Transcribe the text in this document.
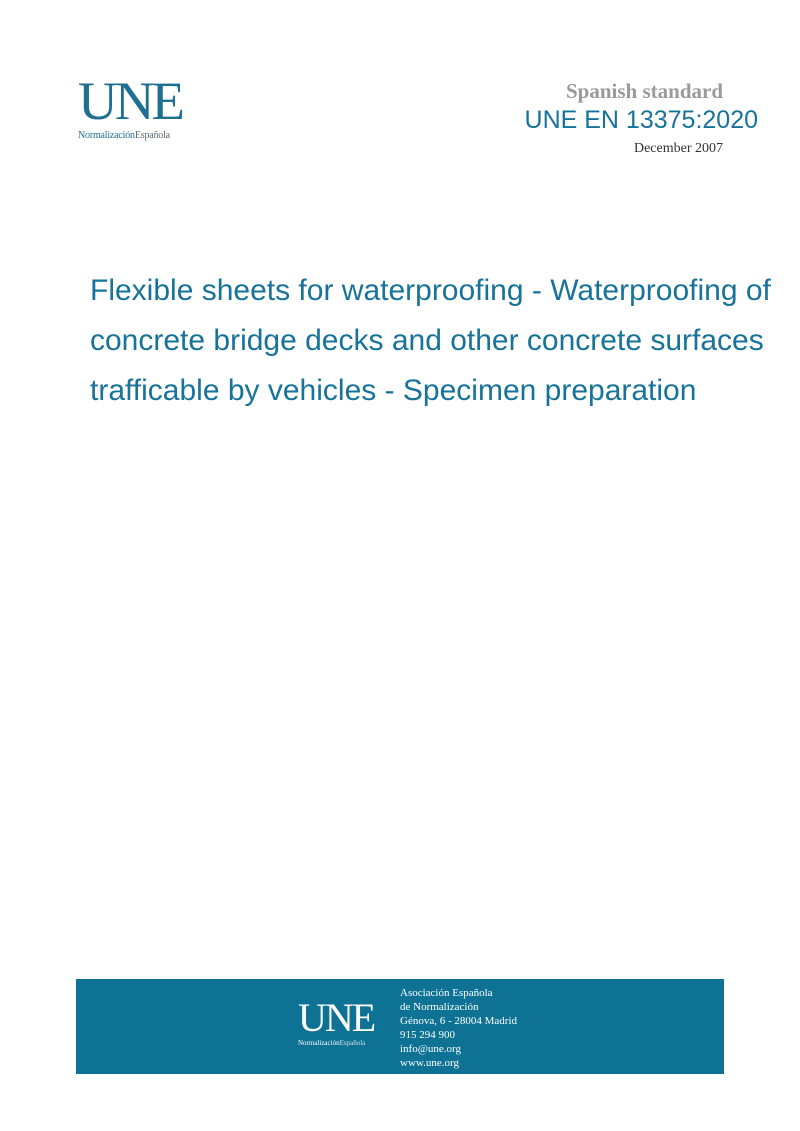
UNE
NormalizaciónEspañola
Spanish standard
UNE EN 13375:2020
December 2007
Flexible sheets for waterproofing - Waterproofing of
concrete bridge decks and other concrete surfaces
trafficable by vehicles - Specimen preparation
UNE
NormalizaciónEspañola
Asociación Española
de Normalización
Génova, 6 - 28004 Madrid
915 294 900
info@une.org
www.une.org
